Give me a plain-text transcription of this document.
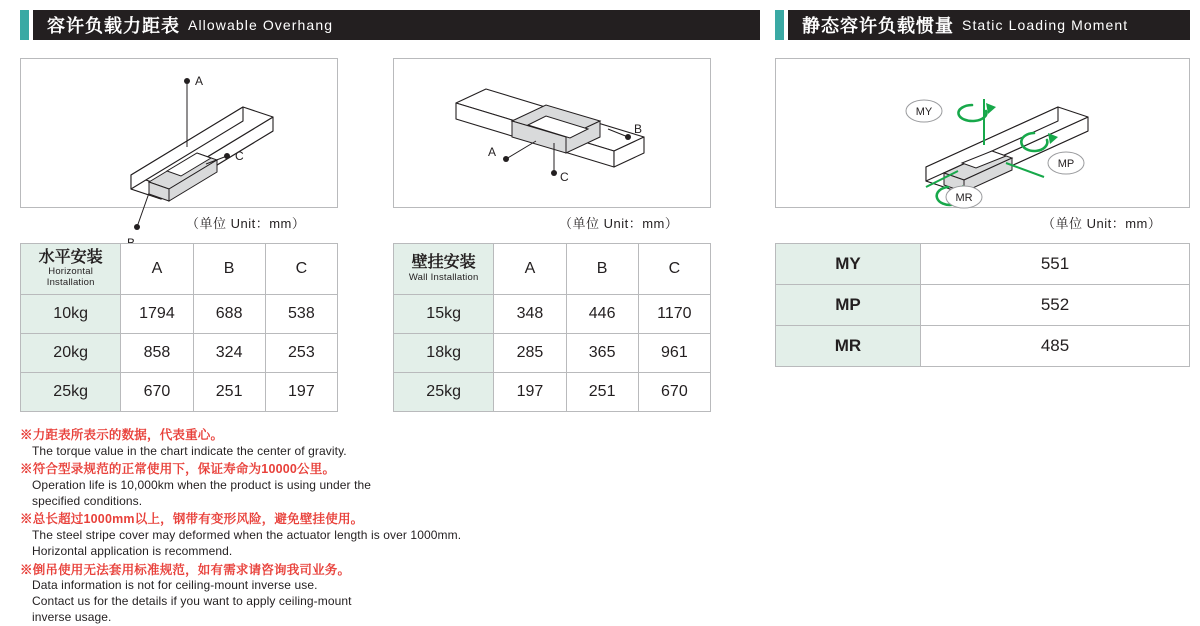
容许负载力距表 Allowable Overhang	静态容许负载惯量 Static Loading Moment
A
C
（单位 Unit：mm）
A
B
C
（单位 Unit：mm）
MY
MP
MR
（单位 Unit：mm）
水平安装
Horizontal Installation	A	B	C
10kg	1794	688	538
20kg	858	324	253
25kg	670	251	197
壁挂安装
Wall Installation	A	B	C
15kg	348	446	1170
18kg	285	365	961
25kg	197	251	670
MY	551
MP	552
MR	485
※力距表所表示的数据，代表重心。
The torque value in the chart indicate the center of gravity.
※符合型录规范的正常使用下，保证寿命为10000公里。
Operation life is 10,000km when the product is using under the
specified conditions.
※总长超过1000mm以上，钢带有变形风险，避免壁挂使用。
The steel stripe cover may deformed when the actuator length is over 1000mm.
Horizontal application is recommend.
※倒吊使用无法套用标准规范，如有需求请咨询我司业务。
Data information is not for ceiling-mount inverse use.
Contact us for the details if you want to apply ceiling-mount
inverse usage.
